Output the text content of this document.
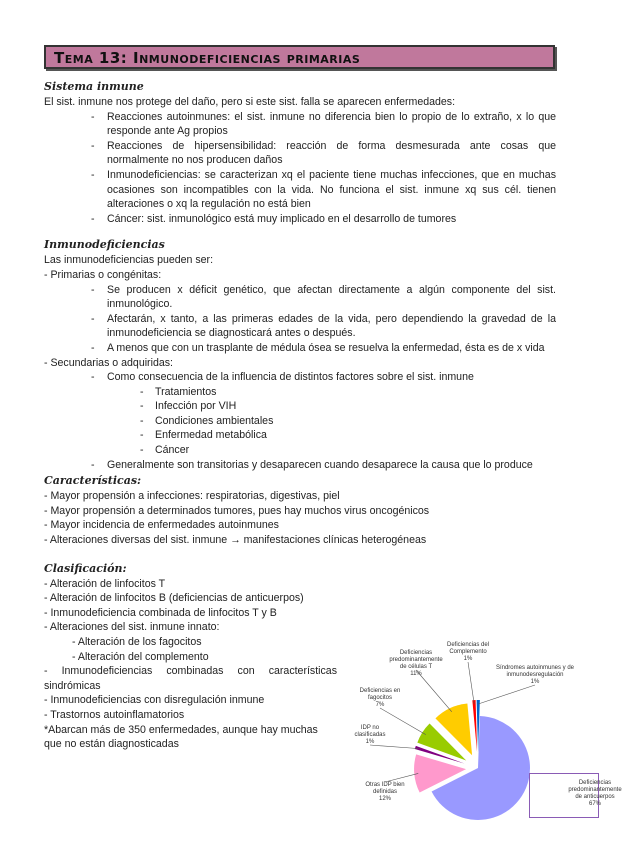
Tema 13: Inmunodeficiencias primarias
Sistema inmune

El sist. inmune nos protege del daño, pero si este sist. falla se aparecen enfermedades:

- Reacciones autoinmunes: el sist. inmune no diferencia bien lo propio de lo extraño, x lo que responde ante Ag propios
- Reacciones de hipersensibilidad: reacción de forma desmesurada ante cosas que normalmente no nos producen daños
- Inmunodeficiencias: se caracterizan xq el paciente tiene muchas infecciones, que en muchas ocasiones son incompatibles con la vida. No funciona el sist. inmune xq sus cél. tienen alteraciones o xq la regulación no está bien
- Cáncer: sist. inmunológico está muy implicado en el desarrollo de tumores
Inmunodeficiencias

Las inmunodeficiencias pueden ser:

- Primarias o congénitas:

- Se producen x déficit genético, que afectan directamente a algún componente del sist. inmunológico.
- Afectarán, x tanto, a las primeras edades de la vida, pero dependiendo la gravedad de la inmunodeficiencia se diagnosticará antes o después.
- A menos que con un trasplante de médula ósea se resuelva la enfermedad, ésta es de x vida

- Secundarias o adquiridas:

- Como consecuencia de la influencia de distintos factores sobre el sist. inmune
- Tratamientos
- Infección por VIH
- Condiciones ambientales
- Enfermedad metabólica
- Cáncer
- Generalmente son transitorias y desaparecen cuando desaparece la causa que lo produce
Características:

- Mayor propensión a infecciones: respiratorias, digestivas, piel

- Mayor propensión a determinados tumores, pues hay muchos virus oncogénicos

- Mayor incidencia de enfermedades autoinmunes

- Alteraciones diversas del sist. inmune → manifestaciones clínicas heterogéneas

Clasificación:

- Alteración de linfocitos T

- Alteración de linfocitos B (deficiencias de anticuerpos)

- Inmunodeficiencia combinada de linfocitos T y B

- Alteraciones del sist. inmune innato:

- Alteración de los fagocitos

- Alteración del complemento

- Inmunodeficiencias combinadas con características sindrómicas

- Inmunodeficiencias con disregulación inmune

- Trastornos autoinflamatorios

*Abarcan más de 350 enfermedades, aunque hay muchas que no están diagnosticadas

Deficiencias predominantemente de anticuerpos
67%
Otras IDP bien definidas
12%
IDP no clasificadas
1%
Deficiencias en fagocitos
7%
Deficiencias predominantemente de células T
11%
Deficiencias del Complemento
1%
Síndromes autoinmunes y de inmunodesregulación
1%
